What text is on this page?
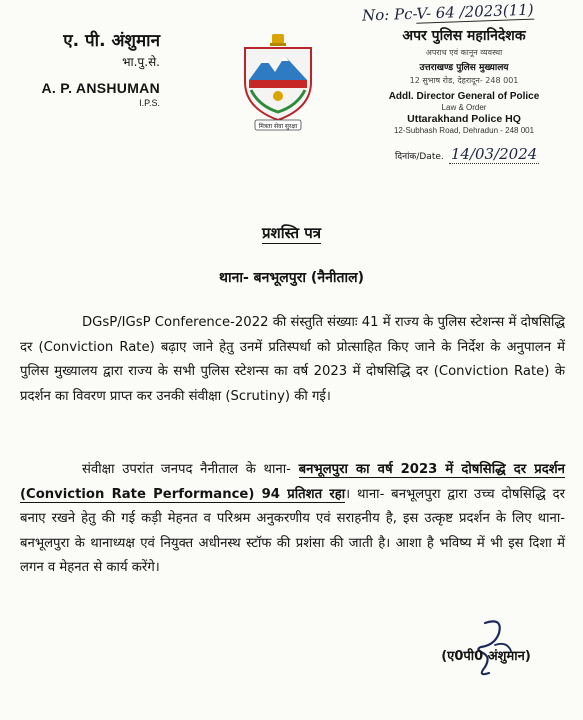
ए. पी. अंशुमान
भा.पु.से.
A. P. ANSHUMAN
I.P.S.
मित्रता सेवा सुरक्षा
No: Pc-V- 64 /2023(11)
अपर पुलिस महानिदेशक
अपराध एवं कानून व्यवस्था
उत्तराखण्ड पुलिस मुख्यालय
12 सुभाष रोड, देहरादून- 248 001
Addl. Director General of Police
Law & Order
Uttarakhand Police HQ
12-Subhash Road, Dehradun - 248 001
दिनांक/Date. 14/03/2024
प्रशस्ति पत्र
थाना- बनभूलपुरा (नैनीताल)
DGsP/IGsP Conference-2022 की संस्तुति संख्याः 41 में राज्य के पुलिस स्टेशन्स में दोषसिद्धि दर (Conviction Rate) बढ़ाए जाने हेतु उनमें प्रतिस्पर्धा को प्रोत्साहित किए जाने के निर्देश के अनुपालन में पुलिस मुख्यालय द्वारा राज्य के सभी पुलिस स्टेशन्स का वर्ष 2023 में दोषसिद्धि दर (Conviction Rate) के प्रदर्शन का विवरण प्राप्त कर उनकी संवीक्षा (Scrutiny) की गई।
संवीक्षा उपरांत जनपद नैनीताल के थाना- बनभूलपुरा का वर्ष 2023 में दोषसिद्धि दर प्रदर्शन (Conviction Rate Performance) 94 प्रतिशत रहा। थाना- बनभूलपुरा द्वारा उच्च दोषसिद्धि दर बनाए रखने हेतु की गई कड़ी मेहनत व परिश्रम अनुकरणीय एवं सराहनीय है, इस उत्कृष्ट प्रदर्शन के लिए थाना- बनभूलपुरा के थानाध्यक्ष एवं नियुक्त अधीनस्थ स्टॉफ की प्रशंसा की जाती है। आशा है भविष्य में भी इस दिशा में लगन व मेहनत से कार्य करेंगे।
(ए0पी0 अंशुमान)
